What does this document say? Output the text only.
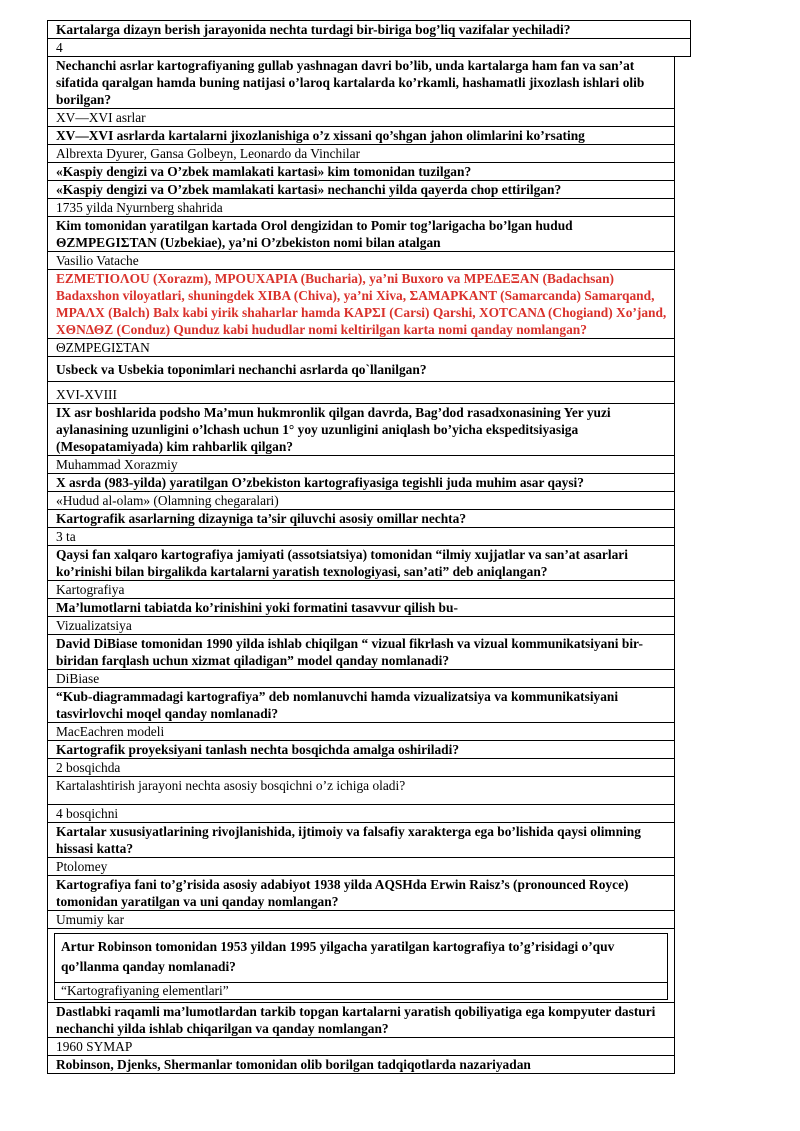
Kartalarga dizayn berish jarayonida nechta turdagi bir-biriga bog’liq vazifalar yechiladi?
4
Nechanchi asrlar kartografiyaning gullab yashnagan davri bo’lib, unda kartalarga ham fan va san’at sifatida qaralgan hamda buning natijasi o’laroq kartalarda ko’rkamli, hashamatli jixozlash ishlari olib borilgan?
XV—XVI asrlar
XV—XVI asrlarda kartalarni jixozlanishiga o’z xissani qo’shgan jahon olimlarini ko’rsating
Albrexta Dyurer, Gansa Golbeyn, Leonardo da Vinchilar
«Kaspiy dengizi va O’zbek mamlakati kartasi» kim tomonidan tuzilgan?
«Kaspiy dengizi va O’zbek mamlakati kartasi» nechanchi yilda qayerda chop ettirilgan?
1735 yilda Nyurnberg shahrida
Kim tomonidan yaratilgan kartada Orol dengizidan to Pomir tog’larigacha bo’lgan hudud ΘZMPEGIΣTAN (Uzbekiae), ya’ni O’zbekiston nomi bilan atalgan
Vasilio Vatache
EZMETIOΛOU (Xorazm), MPOUXAPIA (Bucharia), ya’ni Buxoro va MPEΔEΞAN (Badachsan) Badaxshon viloyatlari, shuningdek XIBA (Chiva), ya’ni Xiva, ΣAMAPKANT (Samarcanda) Samarqand, MPAΛX (Balch) Balx kabi yirik shaharlar hamda KAPΣI (Carsi) Qarshi, XOTCANΔ (Chogiand) Xo’jand, XΘNΔΘZ (Conduz) Qunduz kabi hududlar nomi keltirilgan karta nomi qanday nomlangan?
ΘZMPEGIΣTAN
Usbeck va Usbekia toponimlari nechanchi asrlarda qo`llanilgan?
XVI-XVIII
IX asr boshlarida podsho Ma’mun hukmronlik qilgan davrda, Bag’dod rasadxonasining Yer yuzi aylanasining uzunligini o’lchash uchun 1° yoy uzunligini aniqlash bo’yicha ekspeditsiyasiga (Mesopatamiyada) kim rahbarlik qilgan?
Muhammad Xorazmiy
X asrda (983-yilda) yaratilgan O’zbekiston kartografiyasiga tegishli juda muhim asar qaysi?
«Hudud al-olam» (Olamning chegaralari)
Kartografik asarlarning dizayniga ta’sir qiluvchi asosiy omillar nechta?
3 ta
Qaysi fan xalqaro kartografiya jamiyati (assotsiatsiya) tomonidan “ilmiy xujjatlar va san’at asarlari ko’rinishi bilan birgalikda kartalarni yaratish texnologiyasi, san’ati” deb aniqlangan?
Kartografiya
Ma’lumotlarni tabiatda ko’rinishini yoki formatini tasavvur qilish bu-
Vizualizatsiya
David DiBiase tomonidan 1990 yilda ishlab chiqilgan “ vizual fikrlash va vizual kommunikatsiyani bir-biridan farqlash uchun xizmat qiladigan” model qanday nomlanadi?
DiBiase
“Kub-diagrammadagi kartografiya” deb nomlanuvchi hamda vizualizatsiya va kommunikatsiyani tasvirlovchi moqel qanday nomlanadi?
MacEachren modeli
Kartografik proyeksiyani tanlash nechta bosqichda amalga oshiriladi?
2 bosqichda
Kartalashtirish jarayoni nechta asosiy bosqichni o’z ichiga oladi?
4 bosqichni
Kartalar xususiyatlarining rivojlanishida, ijtimoiy va falsafiy xarakterga ega bo’lishida qaysi olimning hissasi katta?
Ptolomey
Kartografiya fani to’g’risida asosiy adabiyot 1938 yilda AQSHda Erwin Raisz’s (pronounced Royce) tomonidan yaratilgan va uni qanday nomlangan?
Umumiy kar
Artur Robinson tomonidan 1953 yildan 1995 yilgacha yaratilgan kartografiya to’g’risidagi o’quv qo’llanma qanday nomlanadi?
“Kartografiyaning elementlari”
Dastlabki raqamli ma’lumotlardan tarkib topgan kartalarni yaratish qobiliyatiga ega kompyuter dasturi nechanchi yilda ishlab chiqarilgan va qanday nomlangan?
1960 SYMAP
Robinson, Djenks, Shermanlar tomonidan olib borilgan tadqiqotlarda nazariyadan
